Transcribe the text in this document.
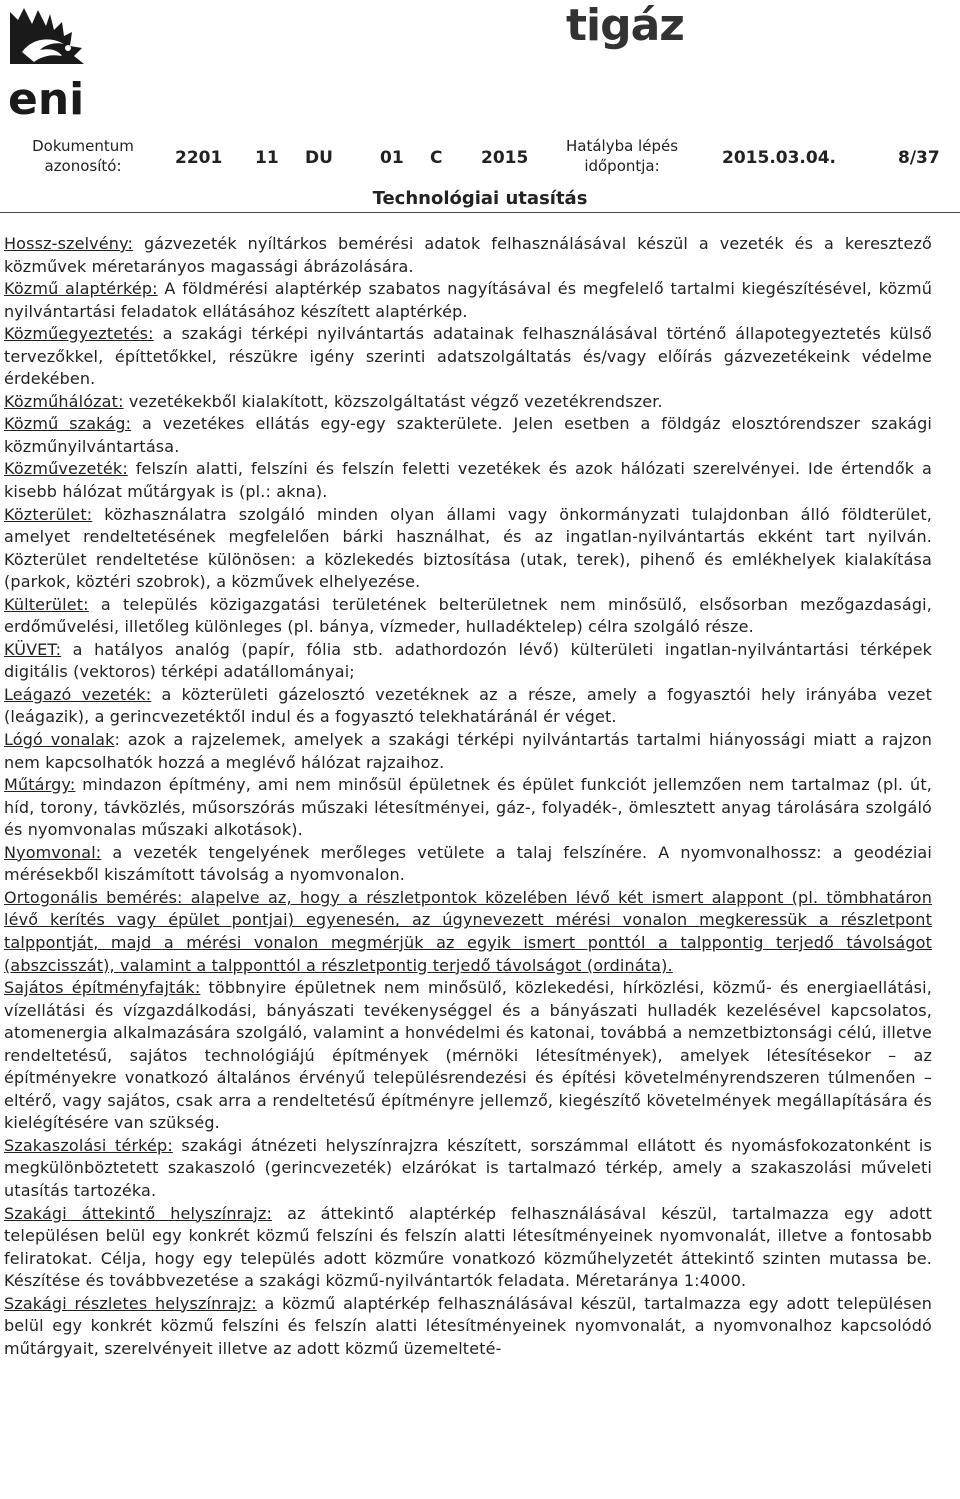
eni
tigáz
Dokumentum azonosító:	2201 11 DU	01 C 2015
Hatályba lépés időpontja:	2015.03.04.	8/37
Technológiai utasítás

Hossz-szelvény: gázvezeték nyíltárkos bemérési adatok felhasználásával készül a vezeték és a keresztező közművek méretarányos magassági ábrázolására.

Közmű alaptérkép: A földmérési alaptérkép szabatos nagyításával és megfelelő tartalmi kiegészítésével, közmű nyilvántartási feladatok ellátásához készített alaptérkép.

Közműegyeztetés: a szakági térképi nyilvántartás adatainak felhasználásával történő állapotegyeztetés külső tervezőkkel, építtetőkkel, részükre igény szerinti adatszolgáltatás és/vagy előírás gázvezetékeink védelme érdekében.

Közműhálózat: vezetékekből kialakított, közszolgáltatást végző vezetékrendszer.

Közmű szakág: a vezetékes ellátás egy-egy szakterülete. Jelen esetben a földgáz elosztórendszer szakági közműnyilvántartása.

Közművezeték: felszín alatti, felszíni és felszín feletti vezetékek és azok hálózati szerelvényei. Ide értendők a kisebb hálózat műtárgyak is (pl.: akna).

Közterület: közhasználatra szolgáló minden olyan állami vagy önkormányzati tulajdonban álló földterület, amelyet rendeltetésének megfelelően bárki használhat, és az ingatlan-nyilvántartás ekként tart nyilván. Közterület rendeltetése különösen: a közlekedés biztosítása (utak, terek), pihenő és emlékhelyek kialakítása (parkok, köztéri szobrok), a közművek elhelyezése.

Külterület: a település közigazgatási területének belterületnek nem minősülő, elsősorban mezőgazdasági, erdőművelési, illetőleg különleges (pl. bánya, vízmeder, hulladéktelep) célra szolgáló része.

KÜVET: a hatályos analóg (papír, fólia stb. adathordozón lévő) külterületi ingatlan-nyilvántartási térképek digitális (vektoros) térképi adatállományai;

Leágazó vezeték: a közterületi gázelosztó vezetéknek az a része, amely a fogyasztói hely irányába vezet (leágazik), a gerincvezetéktől indul és a fogyasztó telekhatáránál ér véget.

Lógó vonalak: azok a rajzelemek, amelyek a szakági térképi nyilvántartás tartalmi hiányossági miatt a rajzon nem kapcsolhatók hozzá a meglévő hálózat rajzaihoz.

Műtárgy: mindazon építmény, ami nem minősül épületnek és épület funkciót jellemzően nem tartalmaz (pl. út, híd, torony, távközlés, műsorszórás műszaki létesítményei, gáz-, folyadék-, ömlesztett anyag tárolására szolgáló és nyomvonalas műszaki alkotások).

Nyomvonal: a vezeték tengelyének merőleges vetülete a talaj felszínére. A nyomvonalhossz: a geodéziai mérésekből kiszámított távolság a nyomvonalon.

Ortogonális bemérés: alapelve az, hogy a részletpontok közelében lévő két ismert alappont (pl. tömbhatáron lévő kerítés vagy épület pontjai) egyenesén, az úgynevezett mérési vonalon megkeressük a részletpont talppontját, majd a mérési vonalon megmérjük az egyik ismert ponttól a talppontig terjedő távolságot (abszcisszát), valamint a talpponttól a részletpontig terjedő távolságot (ordináta).

Sajátos építményfajták: többnyire épületnek nem minősülő, közlekedési, hírközlési, közmű- és energiaellátási, vízellátási és vízgazdálkodási, bányászati tevékenységgel és a bányászati hulladék kezelésével kapcsolatos, atomenergia alkalmazására szolgáló, valamint a honvédelmi és katonai, továbbá a nemzetbiztonsági célú, illetve rendeltetésű, sajátos technológiájú építmények (mérnöki létesítmények), amelyek létesítésekor – az építményekre vonatkozó általános érvényű településrendezési és építési követelményrendszeren túlmenően – eltérő, vagy sajátos, csak arra a rendeltetésű építményre jellemző, kiegészítő követelmények megállapítására és kielégítésére van szükség.

Szakaszolási térkép: szakági átnézeti helyszínrajzra készített, sorszámmal ellátott és nyomásfokozatonként is megkülönböztetett szakaszoló (gerincvezeték) elzárókat is tartalmazó térkép, amely a szakaszolási műveleti utasítás tartozéka.

Szakági áttekintő helyszínrajz: az áttekintő alaptérkép felhasználásával készül, tartalmazza egy adott településen belül egy konkrét közmű felszíni és felszín alatti létesítményeinek nyomvonalát, illetve a fontosabb feliratokat. Célja, hogy egy település adott közműre vonatkozó közműhelyzetét áttekintő szinten mutassa be. Készítése és továbbvezetése a szakági közmű-nyilvántartók feladata. Méretaránya 1:4000.

Szakági részletes helyszínrajz: a közmű alaptérkép felhasználásával készül, tartalmazza egy adott településen belül egy konkrét közmű felszíni és felszín alatti létesítményeinek nyomvonalát, a nyomvonalhoz kapcsolódó műtárgyait, szerelvényeit illetve az adott közmű üzemelteté-
